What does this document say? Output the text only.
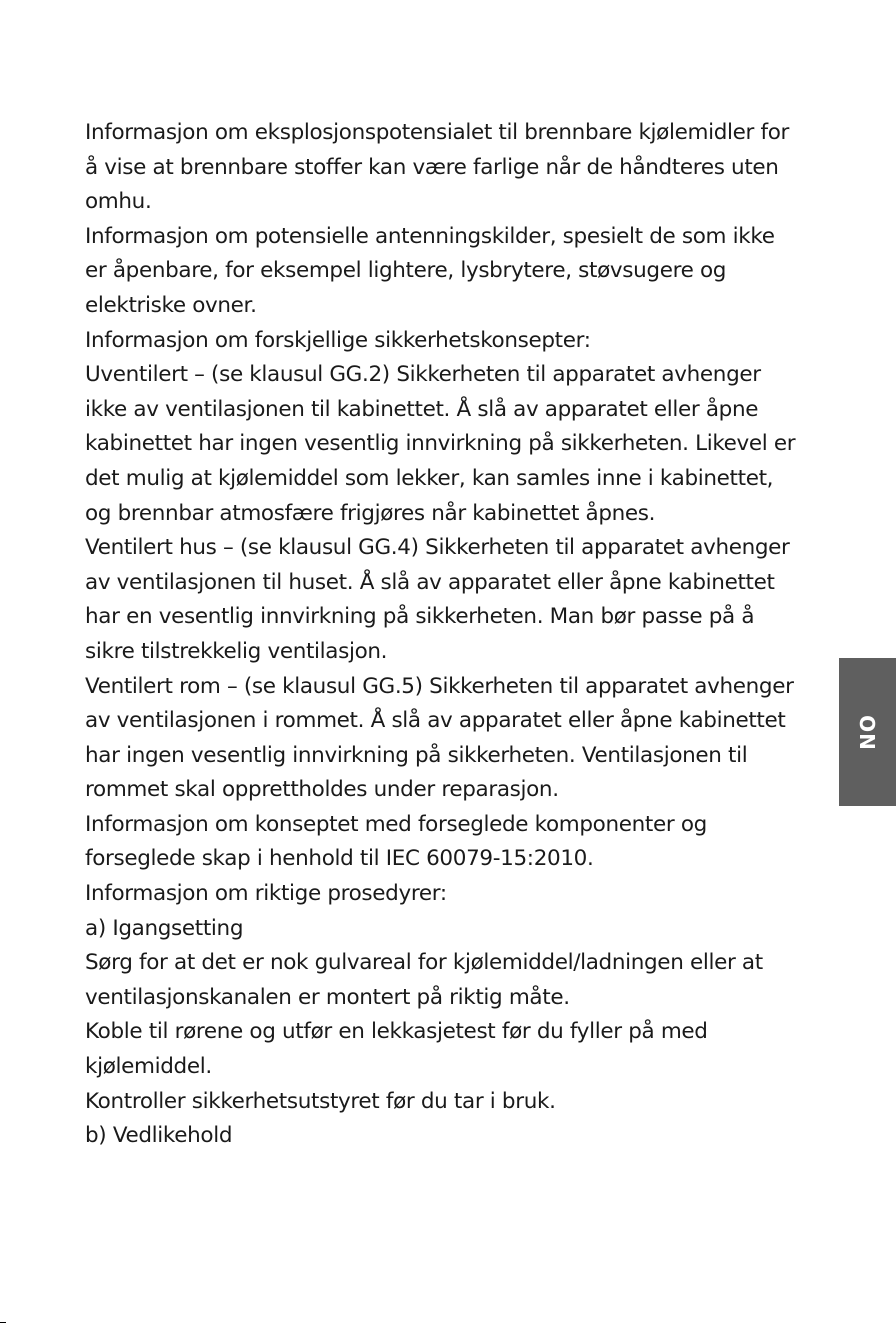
Informasjon om eksplosjonspotensialet til brennbare kjølemidler for
å vise at brennbare stoffer kan være farlige når de håndteres uten
omhu.
Informasjon om potensielle antenningskilder, spesielt de som ikke
er åpenbare, for eksempel lightere, lysbrytere, støvsugere og
elektriske ovner.
Informasjon om forskjellige sikkerhetskonsepter:
Uventilert – (se klausul GG.2) Sikkerheten til apparatet avhenger
ikke av ventilasjonen til kabinettet. Å slå av apparatet eller åpne
kabinettet har ingen vesentlig innvirkning på sikkerheten. Likevel er
det mulig at kjølemiddel som lekker, kan samles inne i kabinettet,
og brennbar atmosfære frigjøres når kabinettet åpnes.
Ventilert hus – (se klausul GG.4) Sikkerheten til apparatet avhenger
av ventilasjonen til huset. Å slå av apparatet eller åpne kabinettet
har en vesentlig innvirkning på sikkerheten. Man bør passe på å
sikre tilstrekkelig ventilasjon.
Ventilert rom – (se klausul GG.5) Sikkerheten til apparatet avhenger
av ventilasjonen i rommet. Å slå av apparatet eller åpne kabinettet
har ingen vesentlig innvirkning på sikkerheten. Ventilasjonen til
rommet skal opprettholdes under reparasjon.
Informasjon om konseptet med forseglede komponenter og
forseglede skap i henhold til IEC 60079-15:2010.
Informasjon om riktige prosedyrer:
a) Igangsetting
Sørg for at det er nok gulvareal for kjølemiddel/ladningen eller at
ventilasjonskanalen er montert på riktig måte.
Koble til rørene og utfør en lekkasjetest før du fyller på med
kjølemiddel.
Kontroller sikkerhetsutstyret før du tar i bruk.
b) Vedlikehold
NO
